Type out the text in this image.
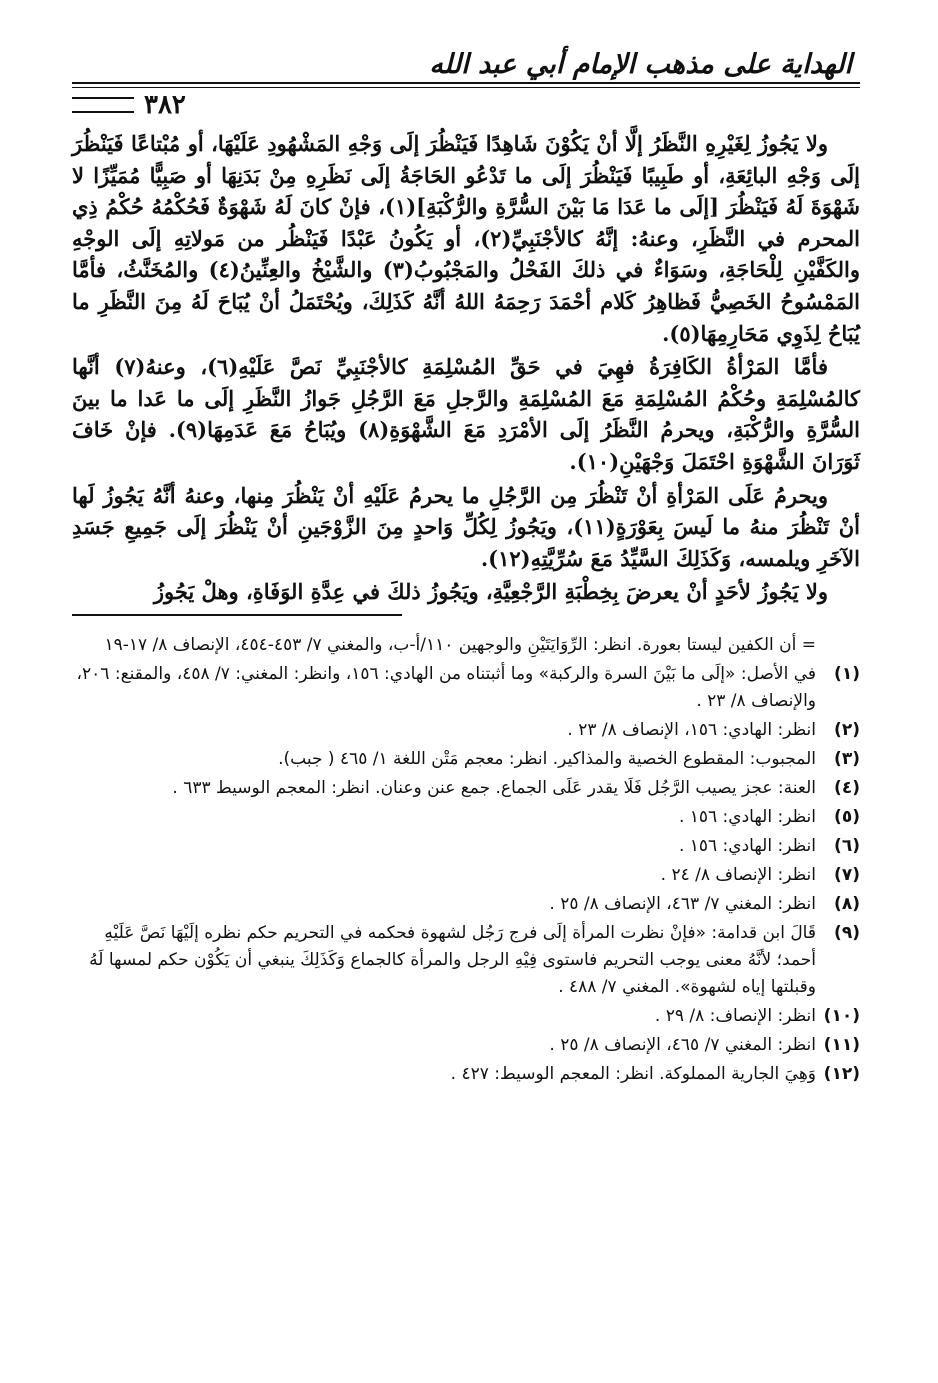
الهداية على مذهب الإمام أبي عبد الله
٣٨٢

ولا يَجُوزُ لِغَيْرِهِ النَّظَرُ إلَّا أنْ يَكُوْنَ شَاهِدًا فَيَنْظُرَ إلَى وَجْهِ المَشْهُودِ عَلَيْهَا، أو مُبْتاعًا فَيَنْظُرَ إلَى وَجْهِ البائِعَةِ، أو طَبِيبًا فَيَنْظُرَ إلَى ما تَدْعُو الحَاجَةُ إلَى نَظَرِهِ مِنْ بَدَنِهَا أو صَبِيًّا مُمَيِّزًا لا شَهْوَةَ لَهُ فَيَنْظُرَ [إلَى ما عَدَا مَا بَيْنَ السُّرَّةِ والرُّكْبَةِ](١)، فإنْ كانَ لَهُ شَهْوَةٌ فَحُكْمُهُ حُكْمُ ذِي المحرم في النَّظَرِ، وعنهُ: إنَّهُ كالأجْنَبِيِّ(٢)، أو يَكُونُ عَبْدًا فَيَنْظُر من مَولاتِهِ إلَى الوجْهِ والكَفَّيْنِ لِلْحَاجَةِ، وسَوَاءٌ في ذلكَ الفَحْلُ والمَجْبُوبُ(٣) والشَّيْخُ والعِنِّينُ(٤) والمُخَنَّثُ، فأمَّا المَمْسُوحُ الخَصِيُّ فَظاهِرُ كَلام أحْمَدَ رَحِمَهُ اللهُ أنَّهُ كَذَلِكَ، ويُحْتَمَلُ أنْ يُبَاحَ لَهُ مِنَ النَّظَرِ ما يُبَاحُ لِذَوِي مَحَارِمِهَا(٥).

فأمَّا المَرْأةُ الكَافِرَةُ فهِيَ في حَقِّ المُسْلِمَةِ كالأجْنَبِيِّ نَصَّ عَلَيْهِ(٦)، وعنهُ(٧) أنَّها كالمُسْلِمَةِ وحُكْمُ المُسْلِمَةِ مَعَ المُسْلِمَةِ والرَّجلِ مَعَ الرَّجُلِ جَوازُ النَّظَرِ إلَى ما عَدا ما بينَ السُّرَّةِ والرُّكْبَةِ، ويحرمُ النَّظَرُ إلَى الأمْرَدِ مَعَ الشَّهْوَةِ(٨) ويُبَاحُ مَعَ عَدَمِهَا(٩). فإنْ خَافَ ثَوَرَانَ الشَّهْوَةِ احْتَمَلَ وَجْهَيْنِ(١٠).

ويحرمُ عَلَى المَرْأةِ أنْ تَنْظُرَ مِن الرَّجُلِ ما يحرمُ عَلَيْهِ أنْ يَنْظُرَ مِنها، وعنهُ أنَّهُ يَجُوزُ لَها أنْ تَنْظُرَ منهُ ما لَيسَ بِعَوْرَةٍ(١١)، ويَجُوزُ لِكُلِّ وَاحدٍ مِنَ الزَّوْجَينِ أنْ يَنْظُرَ إلَى جَمِيعِ جَسَدِ الآخَرِ ويلمسه، وَكَذَلِكَ السَّيِّدُ مَعَ سُرِّيَّتِهِ(١٢).

ولا يَجُوزُ لأحَدٍ أنْ يعرضَ بِخِطْبَةِ الرَّجْعِيَّةِ، ويَجُوزُ ذلكَ في عِدَّةِ الوَفَاةِ، وهلْ يَجُوزُ

= أن الكفين ليستا بعورة. انظر: الرِّوَايَتَيْنِ والوجهين ١١٠/أ-ب، والمغني ٧/ ٤٥٣-٤٥٤، الإنصاف ٨/ ١٧-١٩
(١)
في الأصل: «إلَى ما بَيْنَ السرة والركبة» وما أثبتناه من الهادي: ١٥٦، وانظر: المغني: ٧/ ٤٥٨، والمقنع: ٢٠٦، والإنصاف ٨/ ٢٣ .
(٢)
انظر: الهادي: ١٥٦، الإنصاف ٨/ ٢٣ .
(٣)
المجبوب: المقطوع الخصية والمذاكير. انظر: معجم مَتْن اللغة ١/ ٤٦٥ ( جبب).
(٤)
العنة: عجز يصيب الرَّجُل فَلَا يقدر عَلَى الجماع. جمع عنن وعنان. انظر: المعجم الوسيط ٦٣٣ .
(٥)
انظر: الهادي: ١٥٦ .
(٦)
انظر: الهادي: ١٥٦ .
(٧)
انظر: الإنصاف ٨/ ٢٤ .
(٨)
انظر: المغني ٧/ ٤٦٣، الإنصاف ٨/ ٢٥ .
(٩)
قَالَ ابن قدامة: «فإنْ نظرت المرأة إلَى فرج رَجُل لشهوة فحكمه في التحريم حكم نظره إلَيْهَا نَصَّ عَلَيْهِ أحمد؛ لأنَّهُ معنى يوجب التحريم فاستوى فِيْهِ الرجل والمرأة كالجماع وَكَذَلِكَ ينبغي أن يَكُوْن حكم لمسها لَهُ وقبلتها إياه لشهوة». المغني ٧/ ٤٨٨ .
(١٠)
انظر: الإنصاف: ٨/ ٢٩ .
(١١)
انظر: المغني ٧/ ٤٦٥، الإنصاف ٨/ ٢٥ .
(١٢)
وَهِيَ الجارية المملوكة. انظر: المعجم الوسيط: ٤٢٧ .
